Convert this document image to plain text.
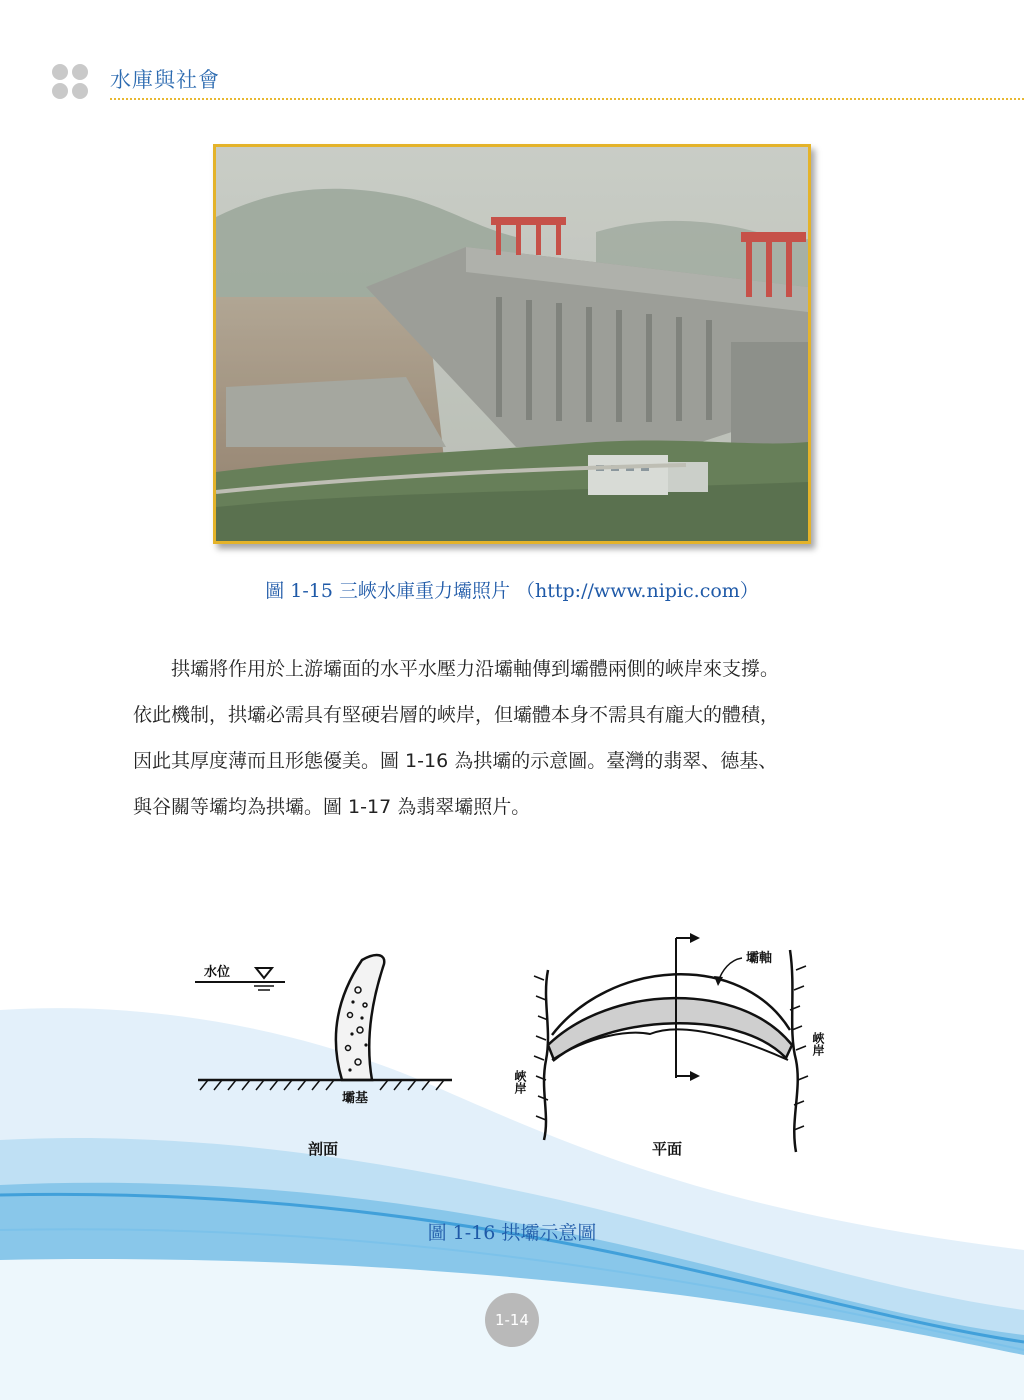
水庫與社會
圖 1-15 三峽水庫重力壩照片 （http://www.nipic.com）

　　拱壩將作用於上游壩面的水平水壓力沿壩軸傳到壩體兩側的峽岸來支撐。

依此機制，拱壩必需具有堅硬岩層的峽岸，但壩體本身不需具有龐大的體積，

因此其厚度薄而且形態優美。圖 1-16 為拱壩的示意圖。臺灣的翡翠、德基、

與谷關等壩均為拱壩。圖 1-17 為翡翠壩照片。

水位
壩基
剖面
壩軸
峽岸
峽岸
平面
圖 1-16 拱壩示意圖
1-14
